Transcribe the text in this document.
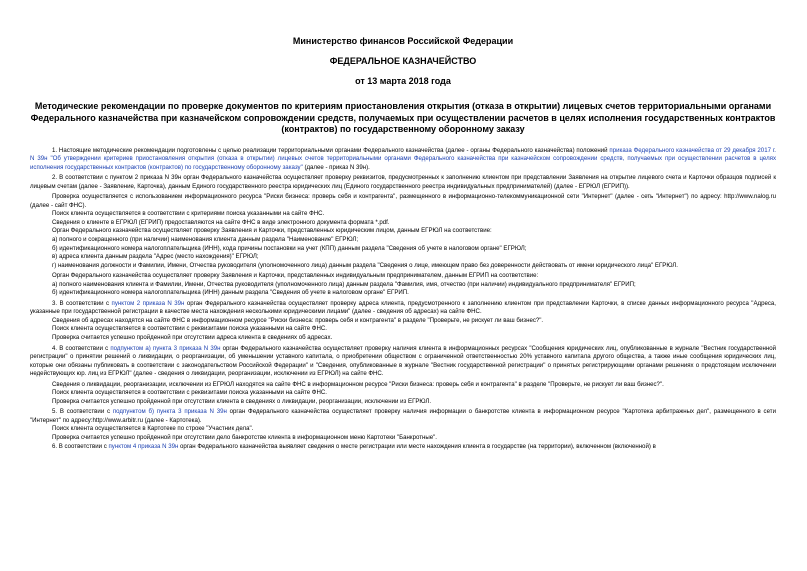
Министерство финансов Российской Федерации
ФЕДЕРАЛЬНОЕ КАЗНАЧЕЙСТВО
от 13 марта 2018 года
Методические рекомендации по проверке документов по критериям приостановления открытия (отказа в открытии) лицевых счетов территориальными органами Федерального казначейства при казначейском сопровождении средств, получаемых при осуществлении расчетов в целях исполнения государственных контрактов (контрактов) по государственному оборонному заказу

1. Настоящие методические рекомендации подготовлены с целью реализации территориальными органами Федерального казначейства (далее - органы Федерального казначейства) положений приказа Федерального казначейства от 29 декабря 2017 г. N 39н "Об утверждении критериев приостановления открытия (отказа в открытии) лицевых счетов территориальными органами Федерального казначейства при казначейском сопровождении средств, получаемых при осуществлении расчетов в целях исполнения государственных контрактов (контрактов) по государственному оборонному заказу" (далее - приказ N 39н).

2. В соответствии с пунктом 2 приказа N 39н орган Федерального казначейства осуществляет проверку реквизитов, предусмотренных к заполнению клиентом при представлении Заявления на открытие лицевого счета и Карточки образцов подписей к лицевым счетам (далее - Заявление, Карточка), данным Единого государственного реестра юридических лиц (Единого государственного реестра индивидуальных предпринимателей) (далее - ЕГРЮЛ (ЕГРИП)).

Проверка осуществляется с использованием информационного ресурса "Риски бизнеса: проверь себя и контрагента", размещенного в информационно-телекоммуникационной сети "Интернет" (далее - сеть "Интернет") по адресу: http://www.nalog.ru (далее - сайт ФНС).

Поиск клиента осуществляется в соответствии с критериями поиска указанными на сайте ФНС.

Сведения о клиенте в ЕГРЮЛ (ЕГРИП) предоставляются на сайте ФНС в виде электронного документа формата *.pdf.

Орган Федерального казначейства осуществляет проверку Заявления и Карточки, представленных юридическим лицом, данным ЕГРЮЛ на соответствие:

а) полного и сокращенного (при наличии) наименования клиента данным раздела "Наименование" ЕГРЮЛ;

б) идентификационного номера налогоплательщика (ИНН), кода причины постановки на учет (КПП) данным раздела "Сведения об учете в налоговом органе" ЕГРЮЛ;

в) адреса клиента данным раздела "Адрес (место нахождения)" ЕГРЮЛ;

г) наименования должности и Фамилии, Имени, Отчества руководителя (уполномоченного лица) данным раздела "Сведения о лице, имеющем право без доверенности действовать от имени юридического лица" ЕГРЮЛ.

Орган Федерального казначейства осуществляет проверку Заявления и Карточки, представленных индивидуальным предпринимателем, данным ЕГРИП на соответствие:

а) полного наименования клиента и Фамилии, Имени, Отчества руководителя (уполномоченного лица) данным раздела "Фамилия, имя, отчество (при наличии) индивидуального предпринимателя" ЕГРИП;

б) идентификационного номера налогоплательщика (ИНН) данным раздела "Сведения об учете в налоговом органе" ЕГРИП.

3. В соответствии с пунктом 2 приказа N 39н орган Федерального казначейства осуществляет проверку адреса клиента, предусмотренного к заполнению клиентом при представлении Карточки, в списке данных информационного ресурса "Адреса, указанные при государственной регистрации в качестве места нахождения несколькими юридическими лицами" (далее - сведения об адресах) на сайте ФНС.

Сведения об адресах находятся на сайте ФНС в информационном ресурсе "Риски бизнеса: проверь себя и контрагента" в разделе "Проверьте, не рискует ли ваш бизнес?".

Поиск клиента осуществляется в соответствии с реквизитами поиска указанными на сайте ФНС.

Проверка считается успешно пройденной при отсутствии адреса клиента в сведениях об адресах.

4. В соответствии с подпунктом а) пункта 3 приказа N 39н орган Федерального казначейства осуществляет проверку наличия клиента в информационных ресурсах "Сообщения юридических лиц, опубликованные в журнале "Вестник государственной регистрации" о принятии решений о ликвидации, о реорганизации, об уменьшении уставного капитала, о приобретении обществом с ограниченной ответственностью 20% уставного капитала другого общества, а также иные сообщения юридических лиц, которые они обязаны публиковать в соответствии с законодательством Российской Федерации" и "Сведения, опубликованные в журнале "Вестник государственной регистрации" о принятых регистрирующими органами решениях о предстоящем исключении недействующих юр. лиц из ЕГРЮЛ" (далее - сведения о ликвидации, реорганизации, исключении из ЕГРЮЛ) на сайте ФНС.

Сведения о ликвидации, реорганизации, исключении из ЕГРЮЛ находятся на сайте ФНС в информационном ресурсе "Риски бизнеса: проверь себя и контрагента" в разделе "Проверьте, не рискует ли ваш бизнес?".

Поиск клиента осуществляется в соответствии с реквизитами поиска указанными на сайте ФНС.

Проверка считается успешно пройденной при отсутствии клиента в сведениях о ликвидации, реорганизации, исключении из ЕГРЮЛ.

5. В соответствии с подпунктом б) пункта 3 приказа N 39н орган Федерального казначейства осуществляет проверку наличия информации о банкротстве клиента в информационном ресурсе "Картотека арбитражных дел", размещенного в сети "Интернет" по адресу:http://www.arbitr.ru (далее - Картотека).

Поиск клиента осуществляется в Картотеке по строке "Участник дела".

Проверка считается успешно пройденной при отсутствии дело банкротстве клиента в информационном меню Картотеки "Банкротные".

6. В соответствии с пунктом 4 приказа N 39н орган Федерального казначейства выявляет сведения о месте регистрации или месте нахождения клиента в государстве (на территории), включенном (включенной) в
